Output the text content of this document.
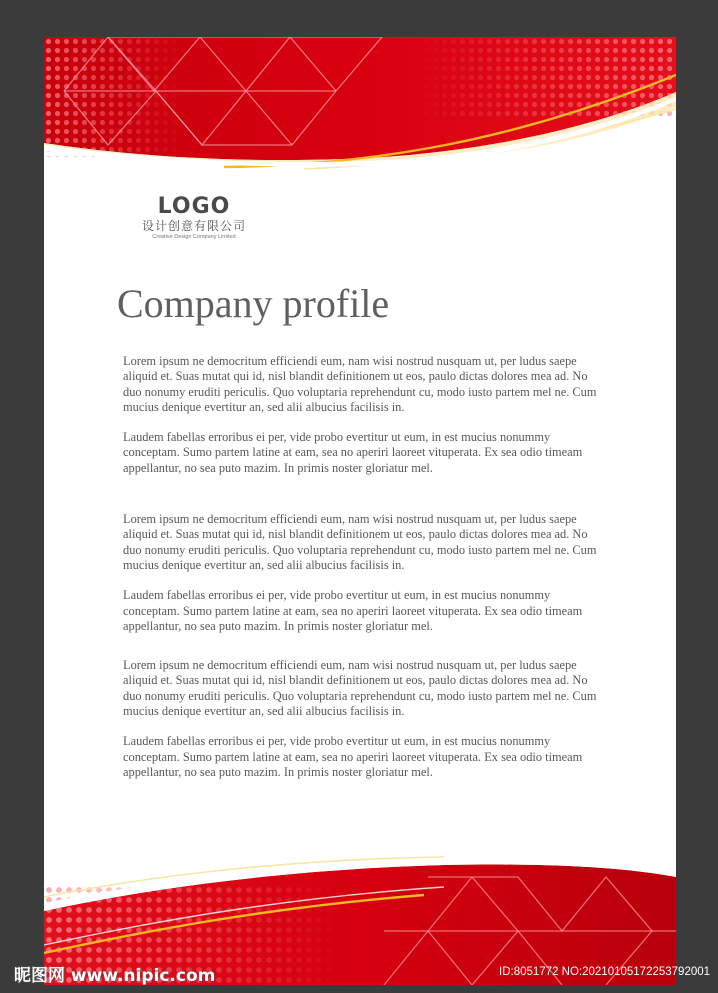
LOGO
设计创意有限公司
Creative Design Company Limited
Company profile

Lorem ipsum ne democritum efficiendi eum, nam wisi nostrud nusquam ut, per ludus saepe aliquid et. Suas mutat qui id, nisl blandit definitionem ut eos, paulo dictas dolores mea ad. No duo nonumy eruditi periculis. Quo voluptaria reprehendunt cu, modo iusto partem mel ne. Cum mucius denique evertitur an, sed alii albucius facilisis in.

Laudem fabellas erroribus ei per, vide probo evertitur ut eum, in est mucius nonummy conceptam. Sumo partem latine at eam, sea no aperiri laoreet vituperata. Ex sea odio timeam appellantur, no sea puto mazim. In primis noster gloriatur mel.

Lorem ipsum ne democritum efficiendi eum, nam wisi nostrud nusquam ut, per ludus saepe aliquid et. Suas mutat qui id, nisl blandit definitionem ut eos, paulo dictas dolores mea ad. No duo nonumy eruditi periculis. Quo voluptaria reprehendunt cu, modo iusto partem mel ne. Cum mucius denique evertitur an, sed alii albucius facilisis in.

Laudem fabellas erroribus ei per, vide probo evertitur ut eum, in est mucius nonummy conceptam. Sumo partem latine at eam, sea no aperiri laoreet vituperata. Ex sea odio timeam appellantur, no sea puto mazim. In primis noster gloriatur mel.

Lorem ipsum ne democritum efficiendi eum, nam wisi nostrud nusquam ut, per ludus saepe aliquid et. Suas mutat qui id, nisl blandit definitionem ut eos, paulo dictas dolores mea ad. No duo nonumy eruditi periculis. Quo voluptaria reprehendunt cu, modo iusto partem mel ne. Cum mucius denique evertitur an, sed alii albucius facilisis in.

Laudem fabellas erroribus ei per, vide probo evertitur ut eum, in est mucius nonummy conceptam. Sumo partem latine at eam, sea no aperiri laoreet vituperata. Ex sea odio timeam appellantur, no sea puto mazim. In primis noster gloriatur mel.

昵图网 www.nipic.com	ID:8051772 NO:20210105172253792001
